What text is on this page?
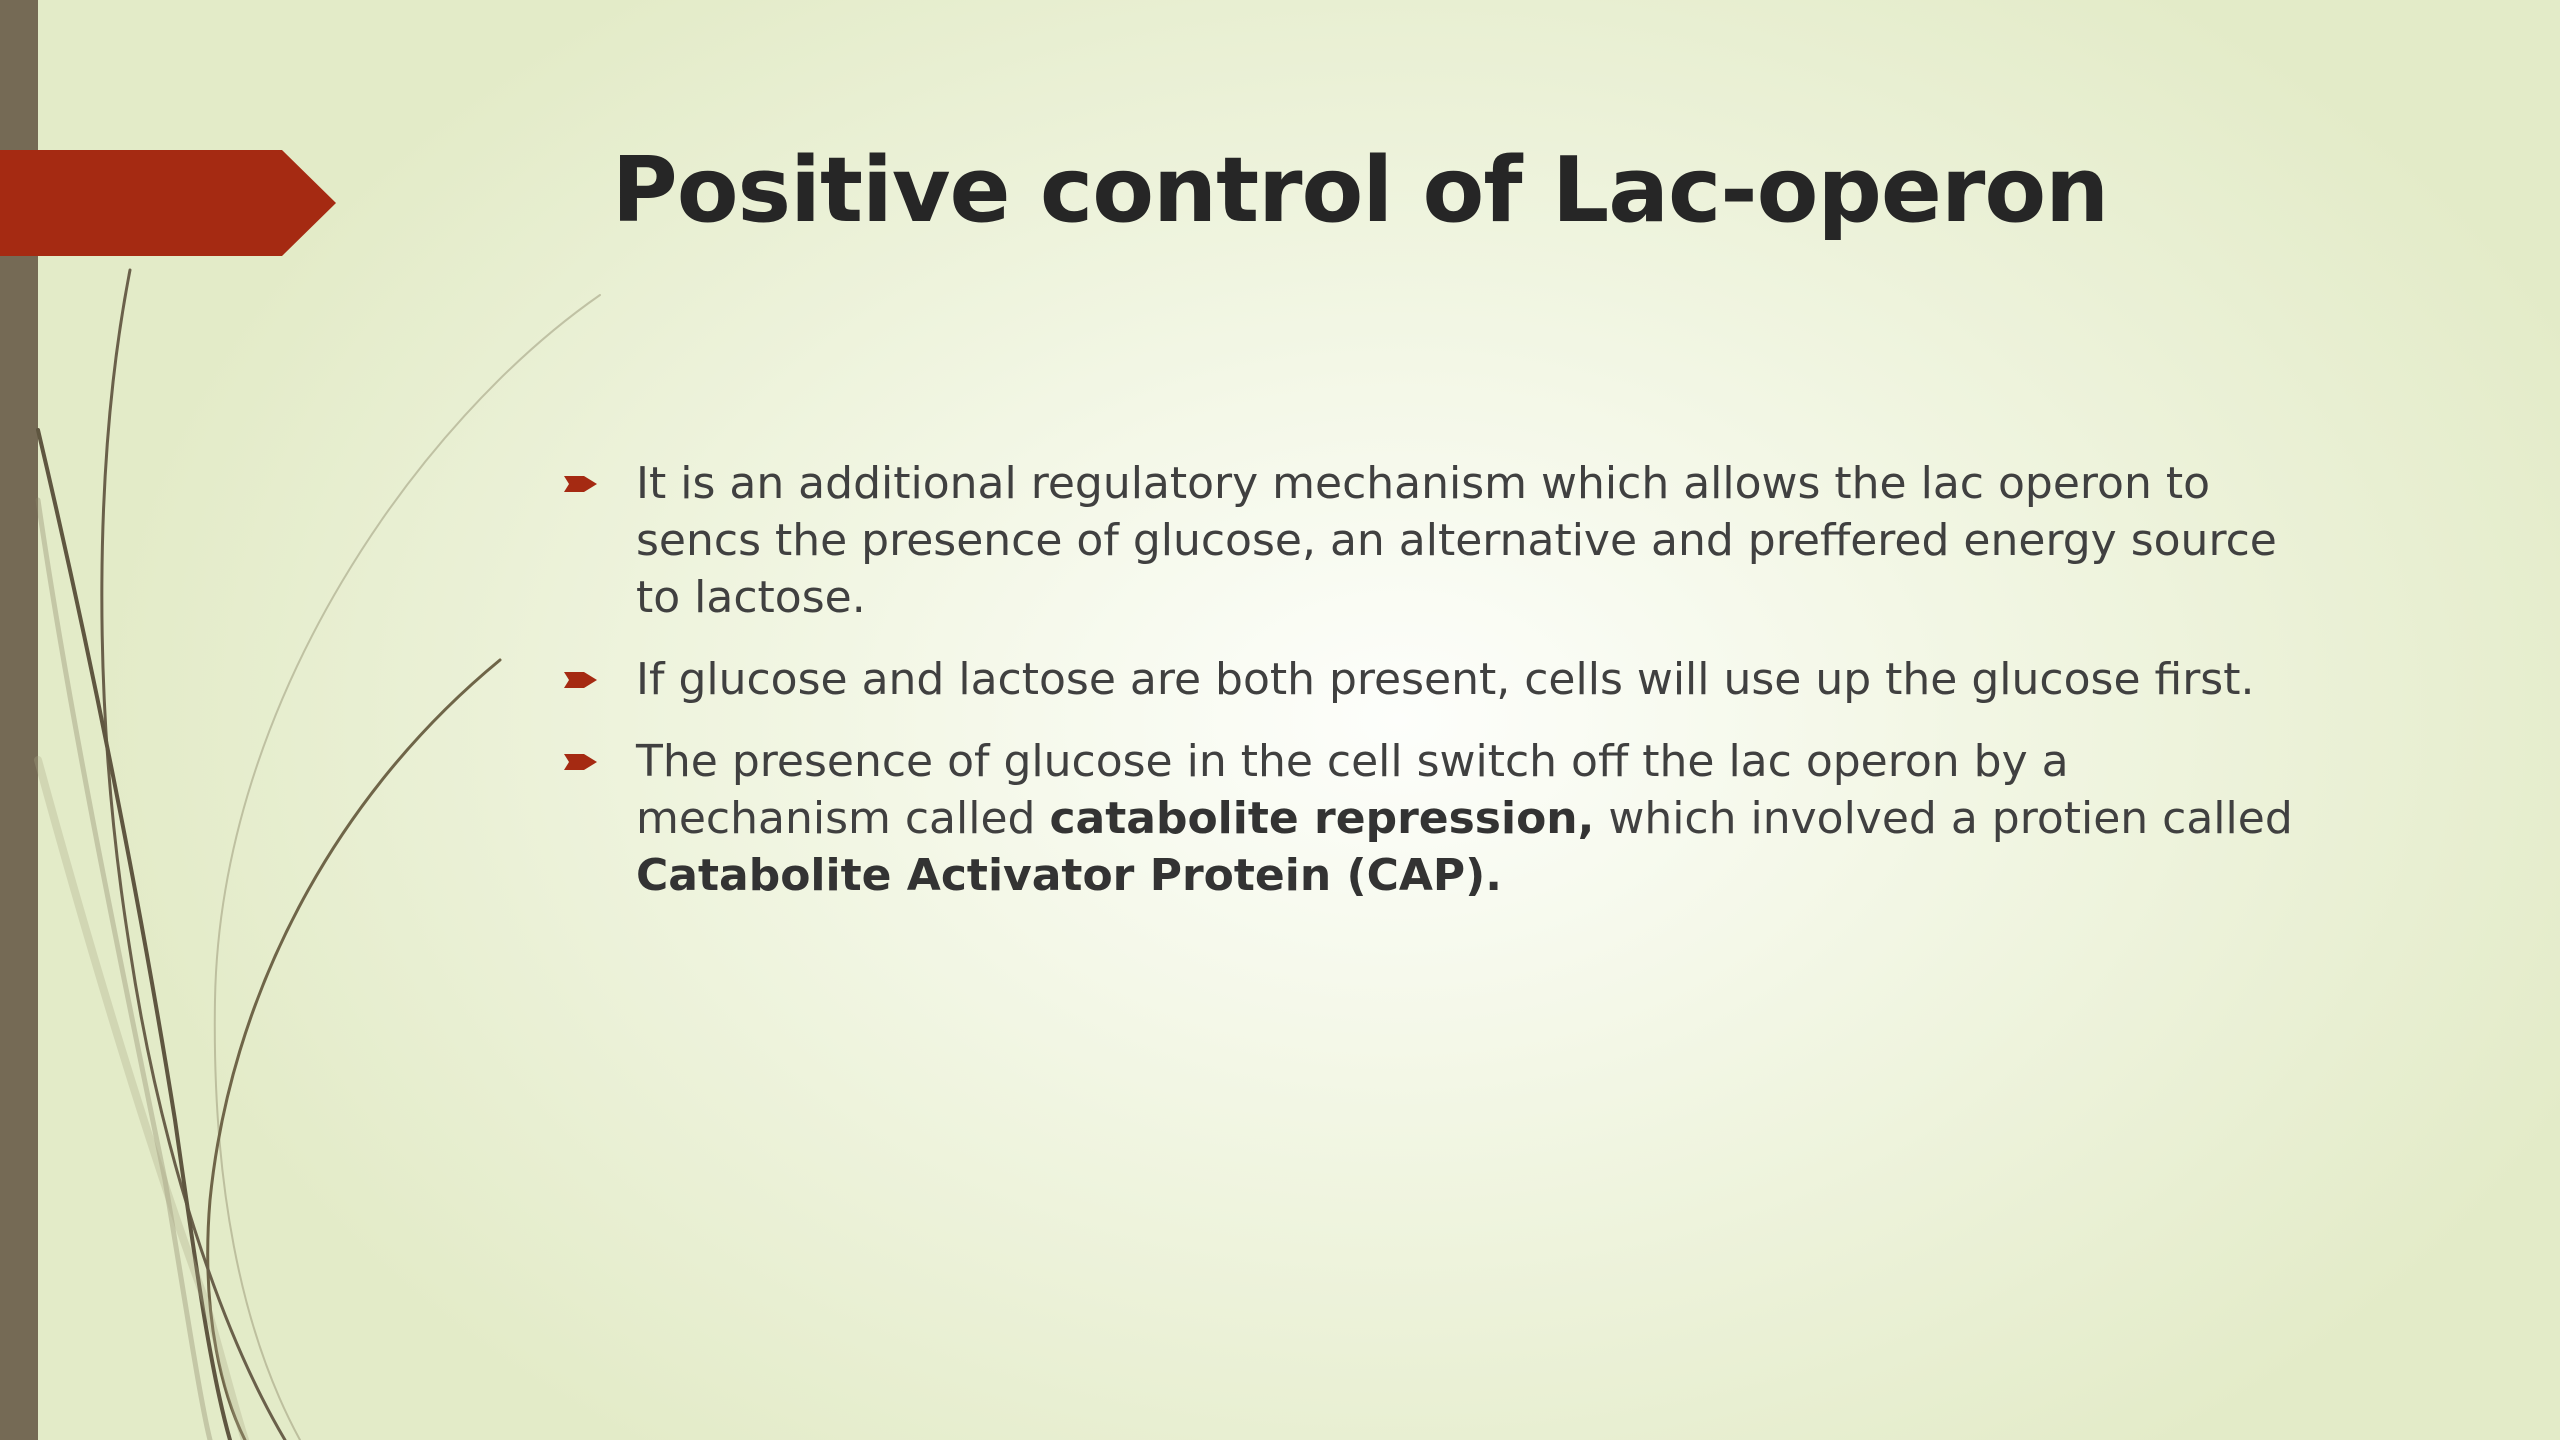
Positive control of Lac-operon
It is an additional regulatory mechanism which allows the lac operon to sencs the presence of glucose, an alternative and preffered energy source to lactose.
If glucose and lactose are both present, cells will use up the glucose first.
The presence of glucose in the cell switch off the lac operon by a mechanism called catabolite repression, which involved a protien called Catabolite Activator Protein (CAP).
